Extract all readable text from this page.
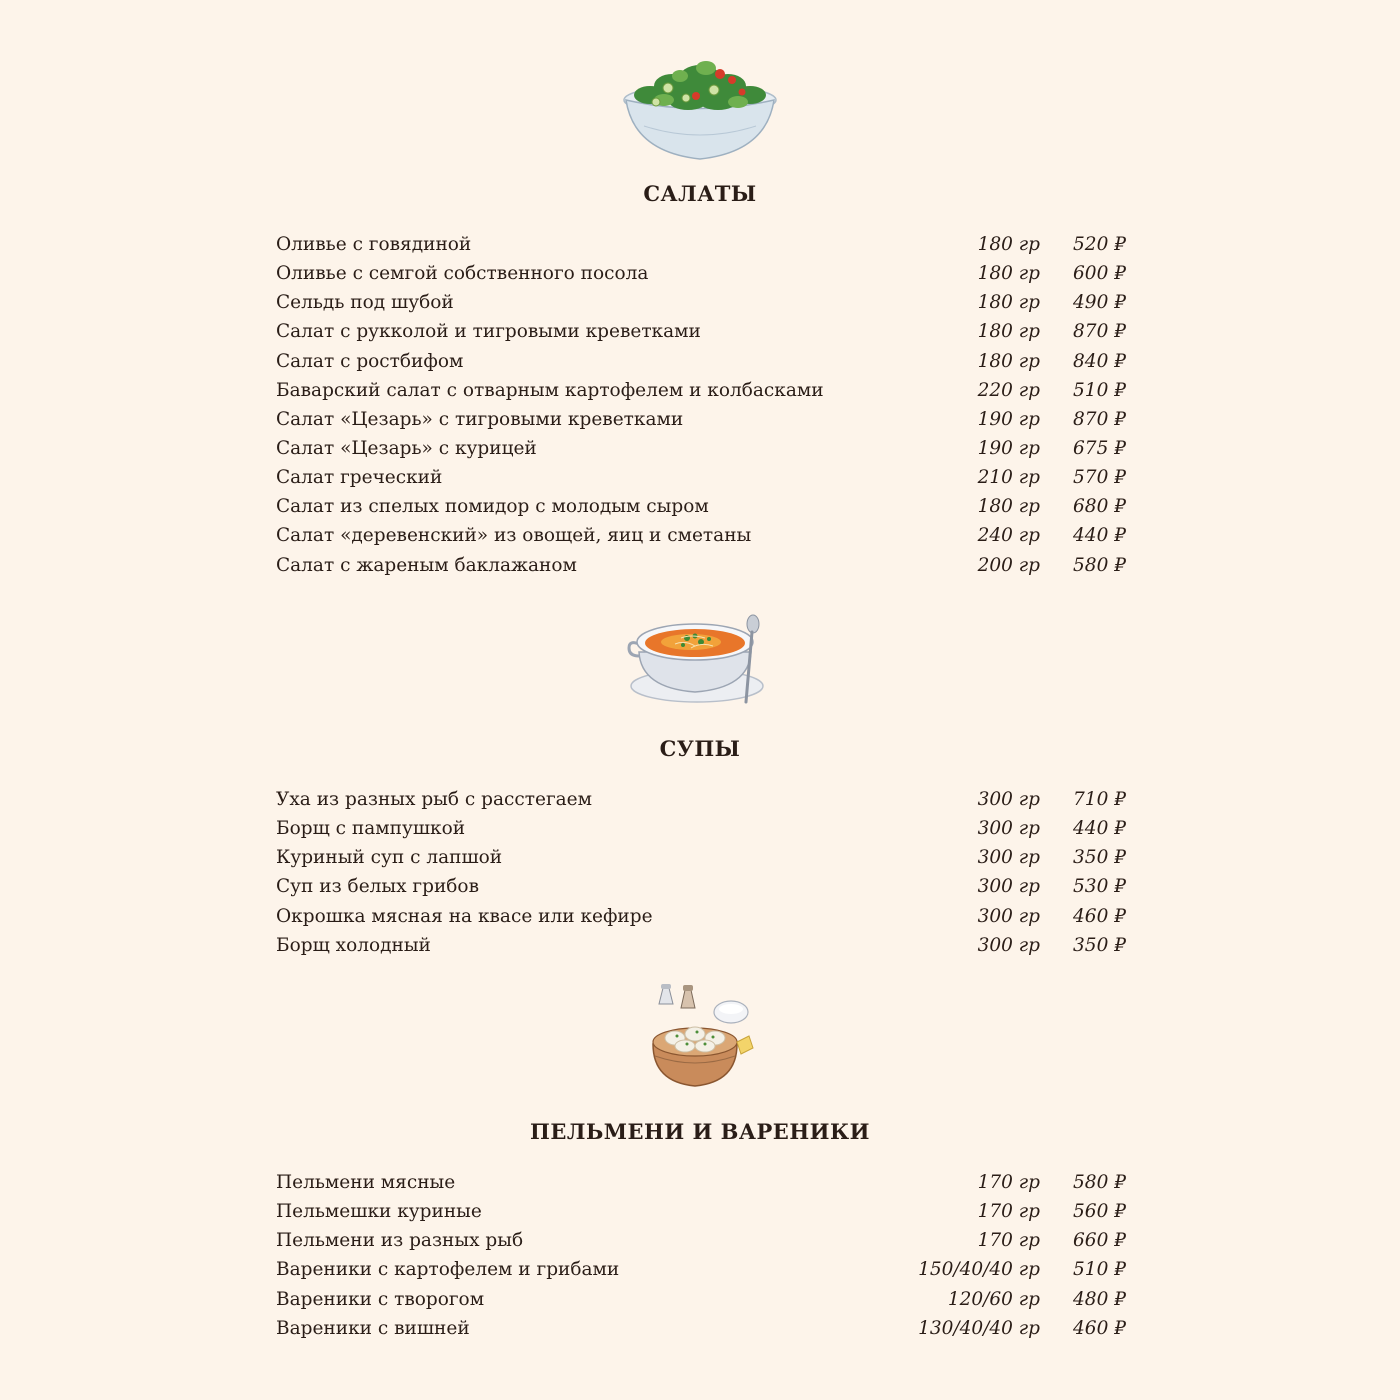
САЛАТЫ
Оливье с говядиной	180 гр 520 ₽
Оливье с семгой собственного посола	180 гр 600 ₽
Сельдь под шубой	180 гр 490 ₽
Салат с рукколой и тигровыми креветками	180 гр 870 ₽
Салат с ростбифом	180 гр 840 ₽
Баварский салат с отварным картофелем и колбасками	220 гр 510 ₽
Салат «Цезарь» с тигровыми креветками	190 гр 870 ₽
Салат «Цезарь» с курицей	190 гр 675 ₽
Салат греческий	210 гр 570 ₽
Салат из спелых помидор с молодым сыром	180 гр 680 ₽
Салат «деревенский» из овощей, яиц и сметаны	240 гр 440 ₽
Салат с жареным баклажаном	200 гр 580 ₽
СУПЫ
Уха из разных рыб с расстегаем	300 гр 710 ₽
Борщ с пампушкой	300 гр 440 ₽
Куриный суп с лапшой	300 гр 350 ₽
Суп из белых грибов	300 гр 530 ₽
Окрошка мясная на квасе или кефире	300 гр 460 ₽
Борщ холодный	300 гр 350 ₽
ПЕЛЬМЕНИ И ВАРЕНИКИ
Пельмени мясные	170 гр 580 ₽
Пельмешки куриные	170 гр 560 ₽
Пельмени из разных рыб	170 гр 660 ₽
Вареники с картофелем и грибами	150/40/40 гр 510 ₽
Вареники с творогом	120/60 гр 480 ₽
Вареники с вишней	130/40/40 гр 460 ₽
